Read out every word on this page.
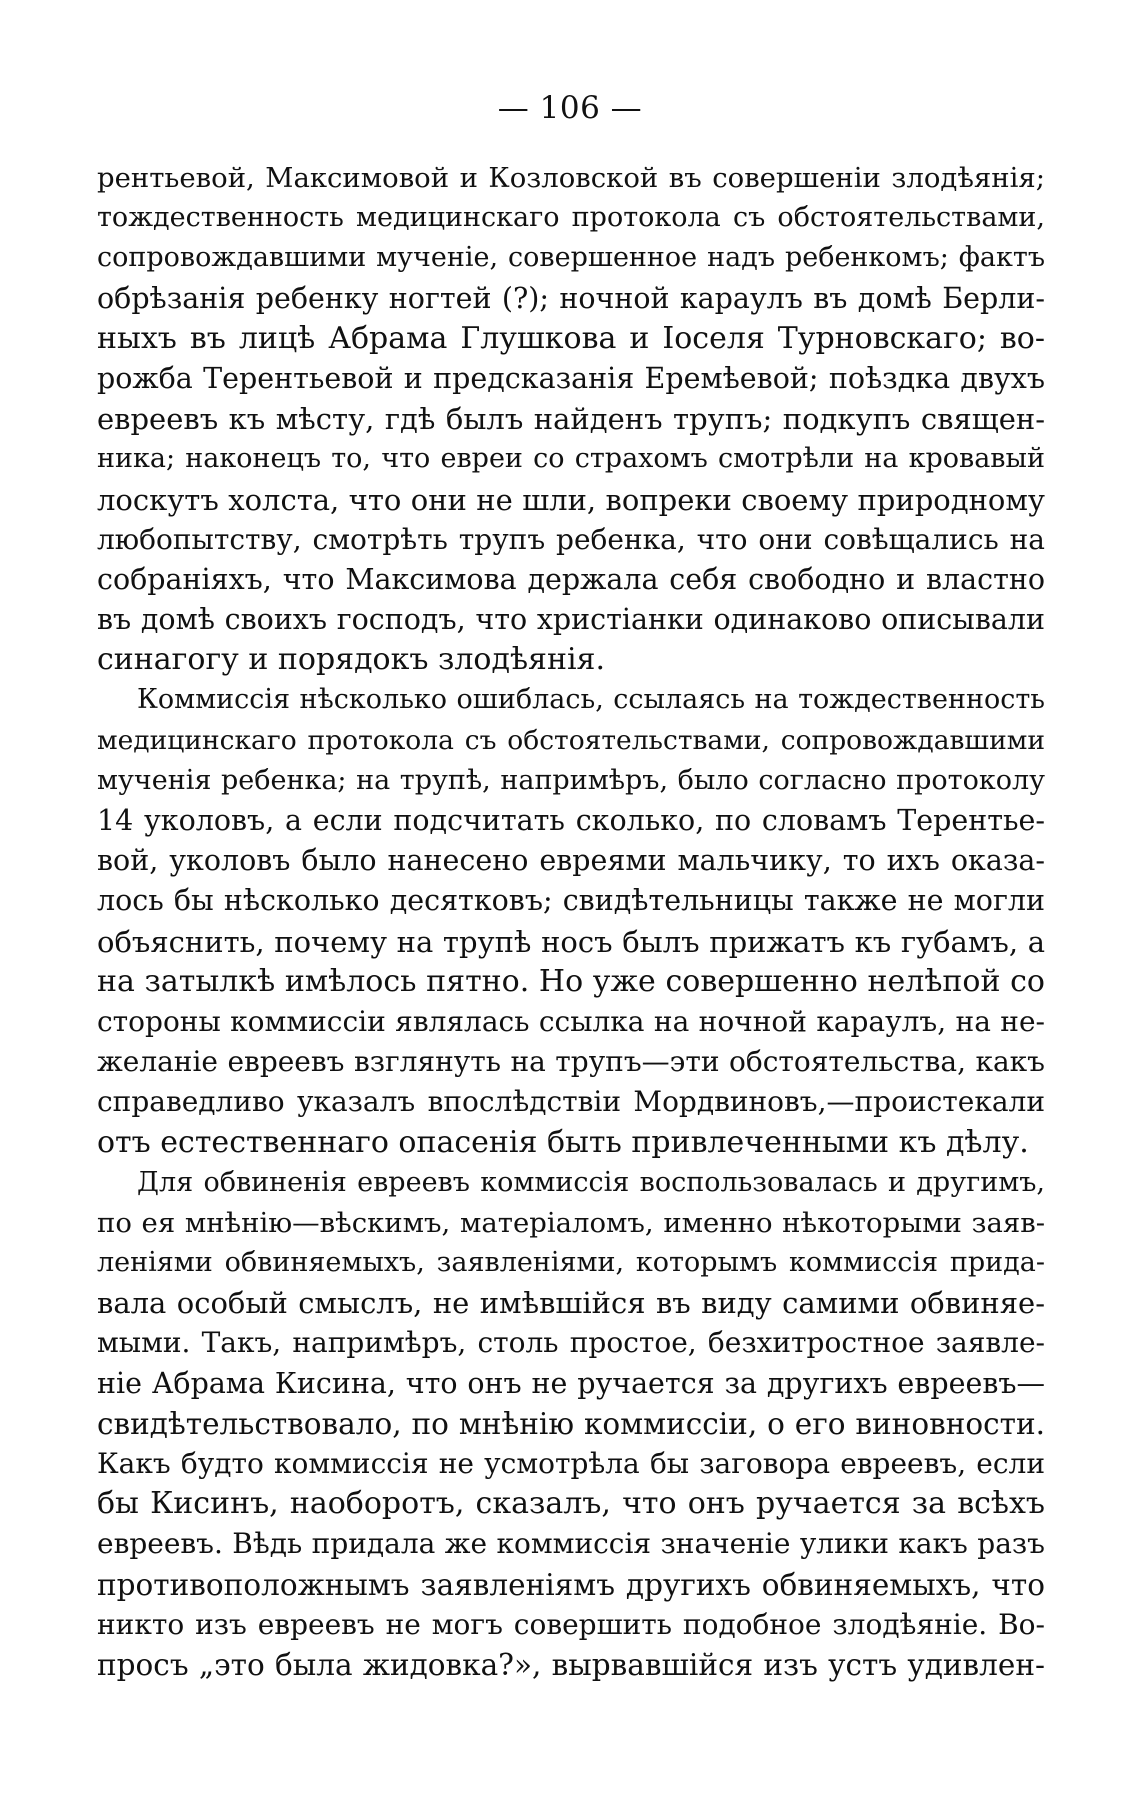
— 106 —
рентьевой, Максимовой и Козловской въ совершеніи злодѣянія;
тождественность медицинскаго протокола съ обстоятельствами,
сопровождавшими мученіе, совершенное надъ ребенкомъ; фактъ
обрѣзанія ребенку ногтей (?); ночной караулъ въ домѣ Берли-
ныхъ въ лицѣ Абрама Глушкова и Іоселя Турновскаго; во-
рожба Терентьевой и предсказанія Еремѣевой; поѣздка двухъ
евреевъ къ мѣсту, гдѣ былъ найденъ трупъ; подкупъ священ-
ника; наконецъ то, что евреи со страхомъ смотрѣли на кровавый
лоскутъ холста, что они не шли, вопреки своему природному
любопытству, смотрѣть трупъ ребенка, что они совѣщались на
собраніяхъ, что Максимова держала себя свободно и властно
въ домѣ своихъ господъ, что христіанки одинаково описывали
синагогу и порядокъ злодѣянія.
Коммиссія нѣсколько ошиблась, ссылаясь на тождественность
медицинскаго протокола съ обстоятельствами, сопровождавшими
мученія ребенка; на трупѣ, напримѣръ, было согласно протоколу
14 уколовъ, а если подсчитать сколько, по словамъ Терентье-
вой, уколовъ было нанесено евреями мальчику, то ихъ оказа-
лось бы нѣсколько десятковъ; свидѣтельницы также не могли
объяснить, почему на трупѣ носъ былъ прижатъ къ губамъ, а
на затылкѣ имѣлось пятно. Но уже совершенно нелѣпой со
стороны коммиссіи являлась ссылка на ночной караулъ, на не-
желаніе евреевъ взглянуть на трупъ—эти обстоятельства, какъ
справедливо указалъ впослѣдствіи Мордвиновъ,—проистекали
отъ естественнаго опасенія быть привлеченными къ дѣлу.
Для обвиненія евреевъ коммиссія воспользовалась и другимъ,
по ея мнѣнію—вѣскимъ, матеріаломъ, именно нѣкоторыми заяв-
леніями обвиняемыхъ, заявленіями, которымъ коммиссія прида-
вала особый смыслъ, не имѣвшійся въ виду самими обвиняе-
мыми. Такъ, напримѣръ, столь простое, безхитростное заявле-
ніе Абрама Кисина, что онъ не ручается за другихъ евреевъ—
свидѣтельствовало, по мнѣнію коммиссіи, о его виновности.
Какъ будто коммиссія не усмотрѣла бы заговора евреевъ, если
бы Кисинъ, наоборотъ, сказалъ, что онъ ручается за всѣхъ
евреевъ. Вѣдь придала же коммиссія значеніе улики какъ разъ
противоположнымъ заявленіямъ другихъ обвиняемыхъ, что
никто изъ евреевъ не могъ совершить подобное злодѣяніе. Во-
просъ „это была жидовка?», вырвавшійся изъ устъ удивлен-
